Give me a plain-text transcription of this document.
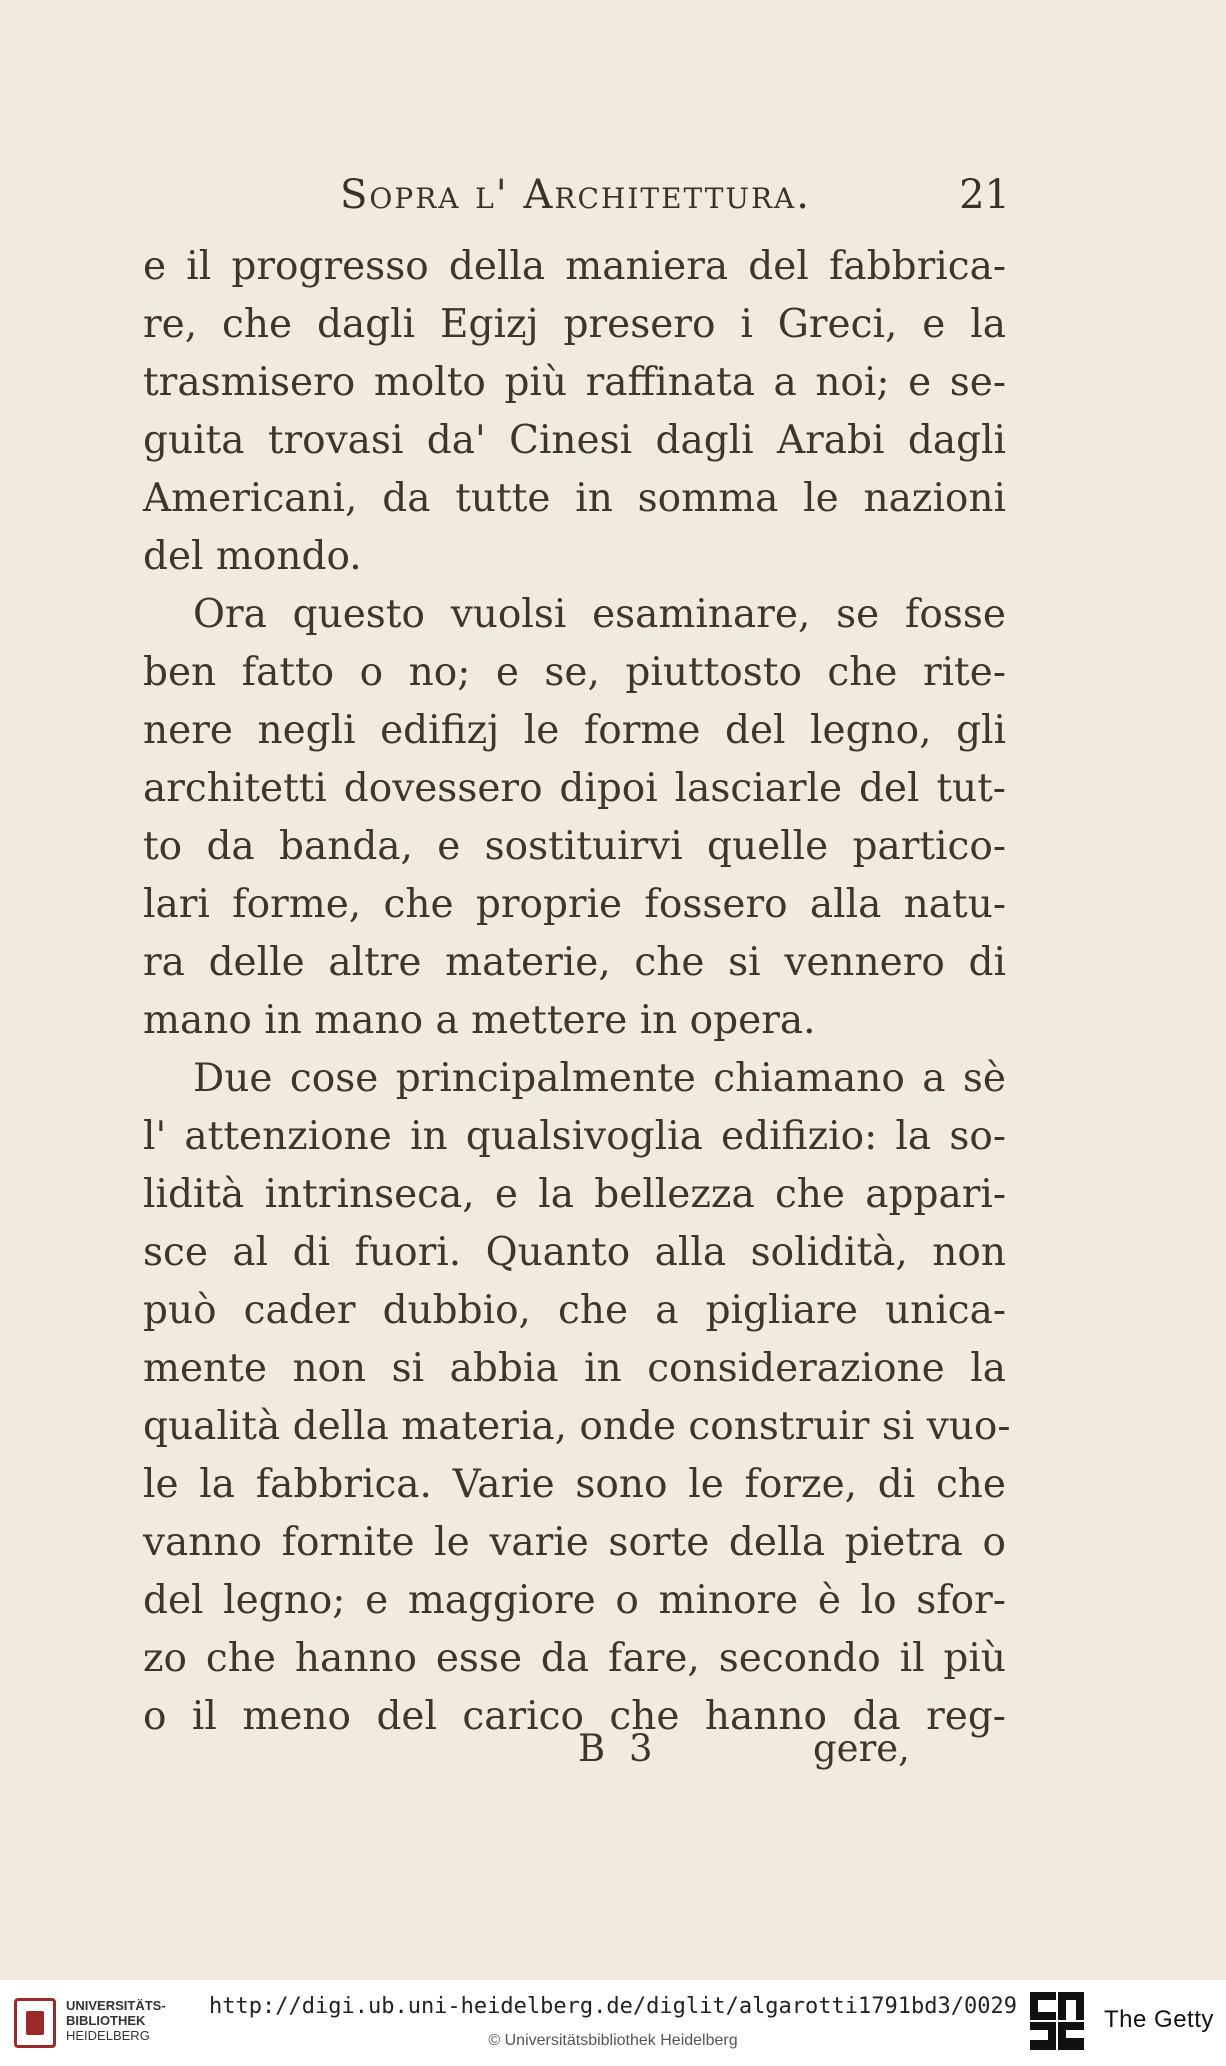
Sopra l' Architettura.	21
e il progresso della maniera del fabbrica-
re, che dagli Egizj presero i Greci, e la
trasmisero molto più raffinata a noi; e se-
guita trovasi da' Cinesi dagli Arabi dagli
Americani, da tutte in somma le nazioni
del mondo.
Ora questo vuolsi esaminare, se fosse
ben fatto o no; e se, piuttosto che rite-
nere negli edifizj le forme del legno, gli
architetti dovessero dipoi lasciarle del tut-
to da banda, e sostituirvi quelle partico-
lari forme, che proprie fossero alla natu-
ra delle altre materie, che si vennero di
mano in mano a mettere in opera.
Due cose principalmente chiamano a sè
l' attenzione in qualsivoglia edifizio: la so-
lidità intrinseca, e la bellezza che appari-
sce al di fuori. Quanto alla solidità, non
può cader dubbio, che a pigliare unica-
mente non si abbia in considerazione la
qualità della materia, onde construir si vuo-
le la fabbrica. Varie sono le forze, di che
vanno fornite le varie sorte della pietra o
del legno; e maggiore o minore è lo sfor-
zo che hanno esse da fare, secondo il più
o il meno del carico che hanno da reg-
B 3	gere,
UNIVERSITÄTS-
BIBLIOTHEK
HEIDELBERG
http://digi.ub.uni-heidelberg.de/diglit/algarotti1791bd3/0029
© Universitätsbibliothek Heidelberg
The Getty
